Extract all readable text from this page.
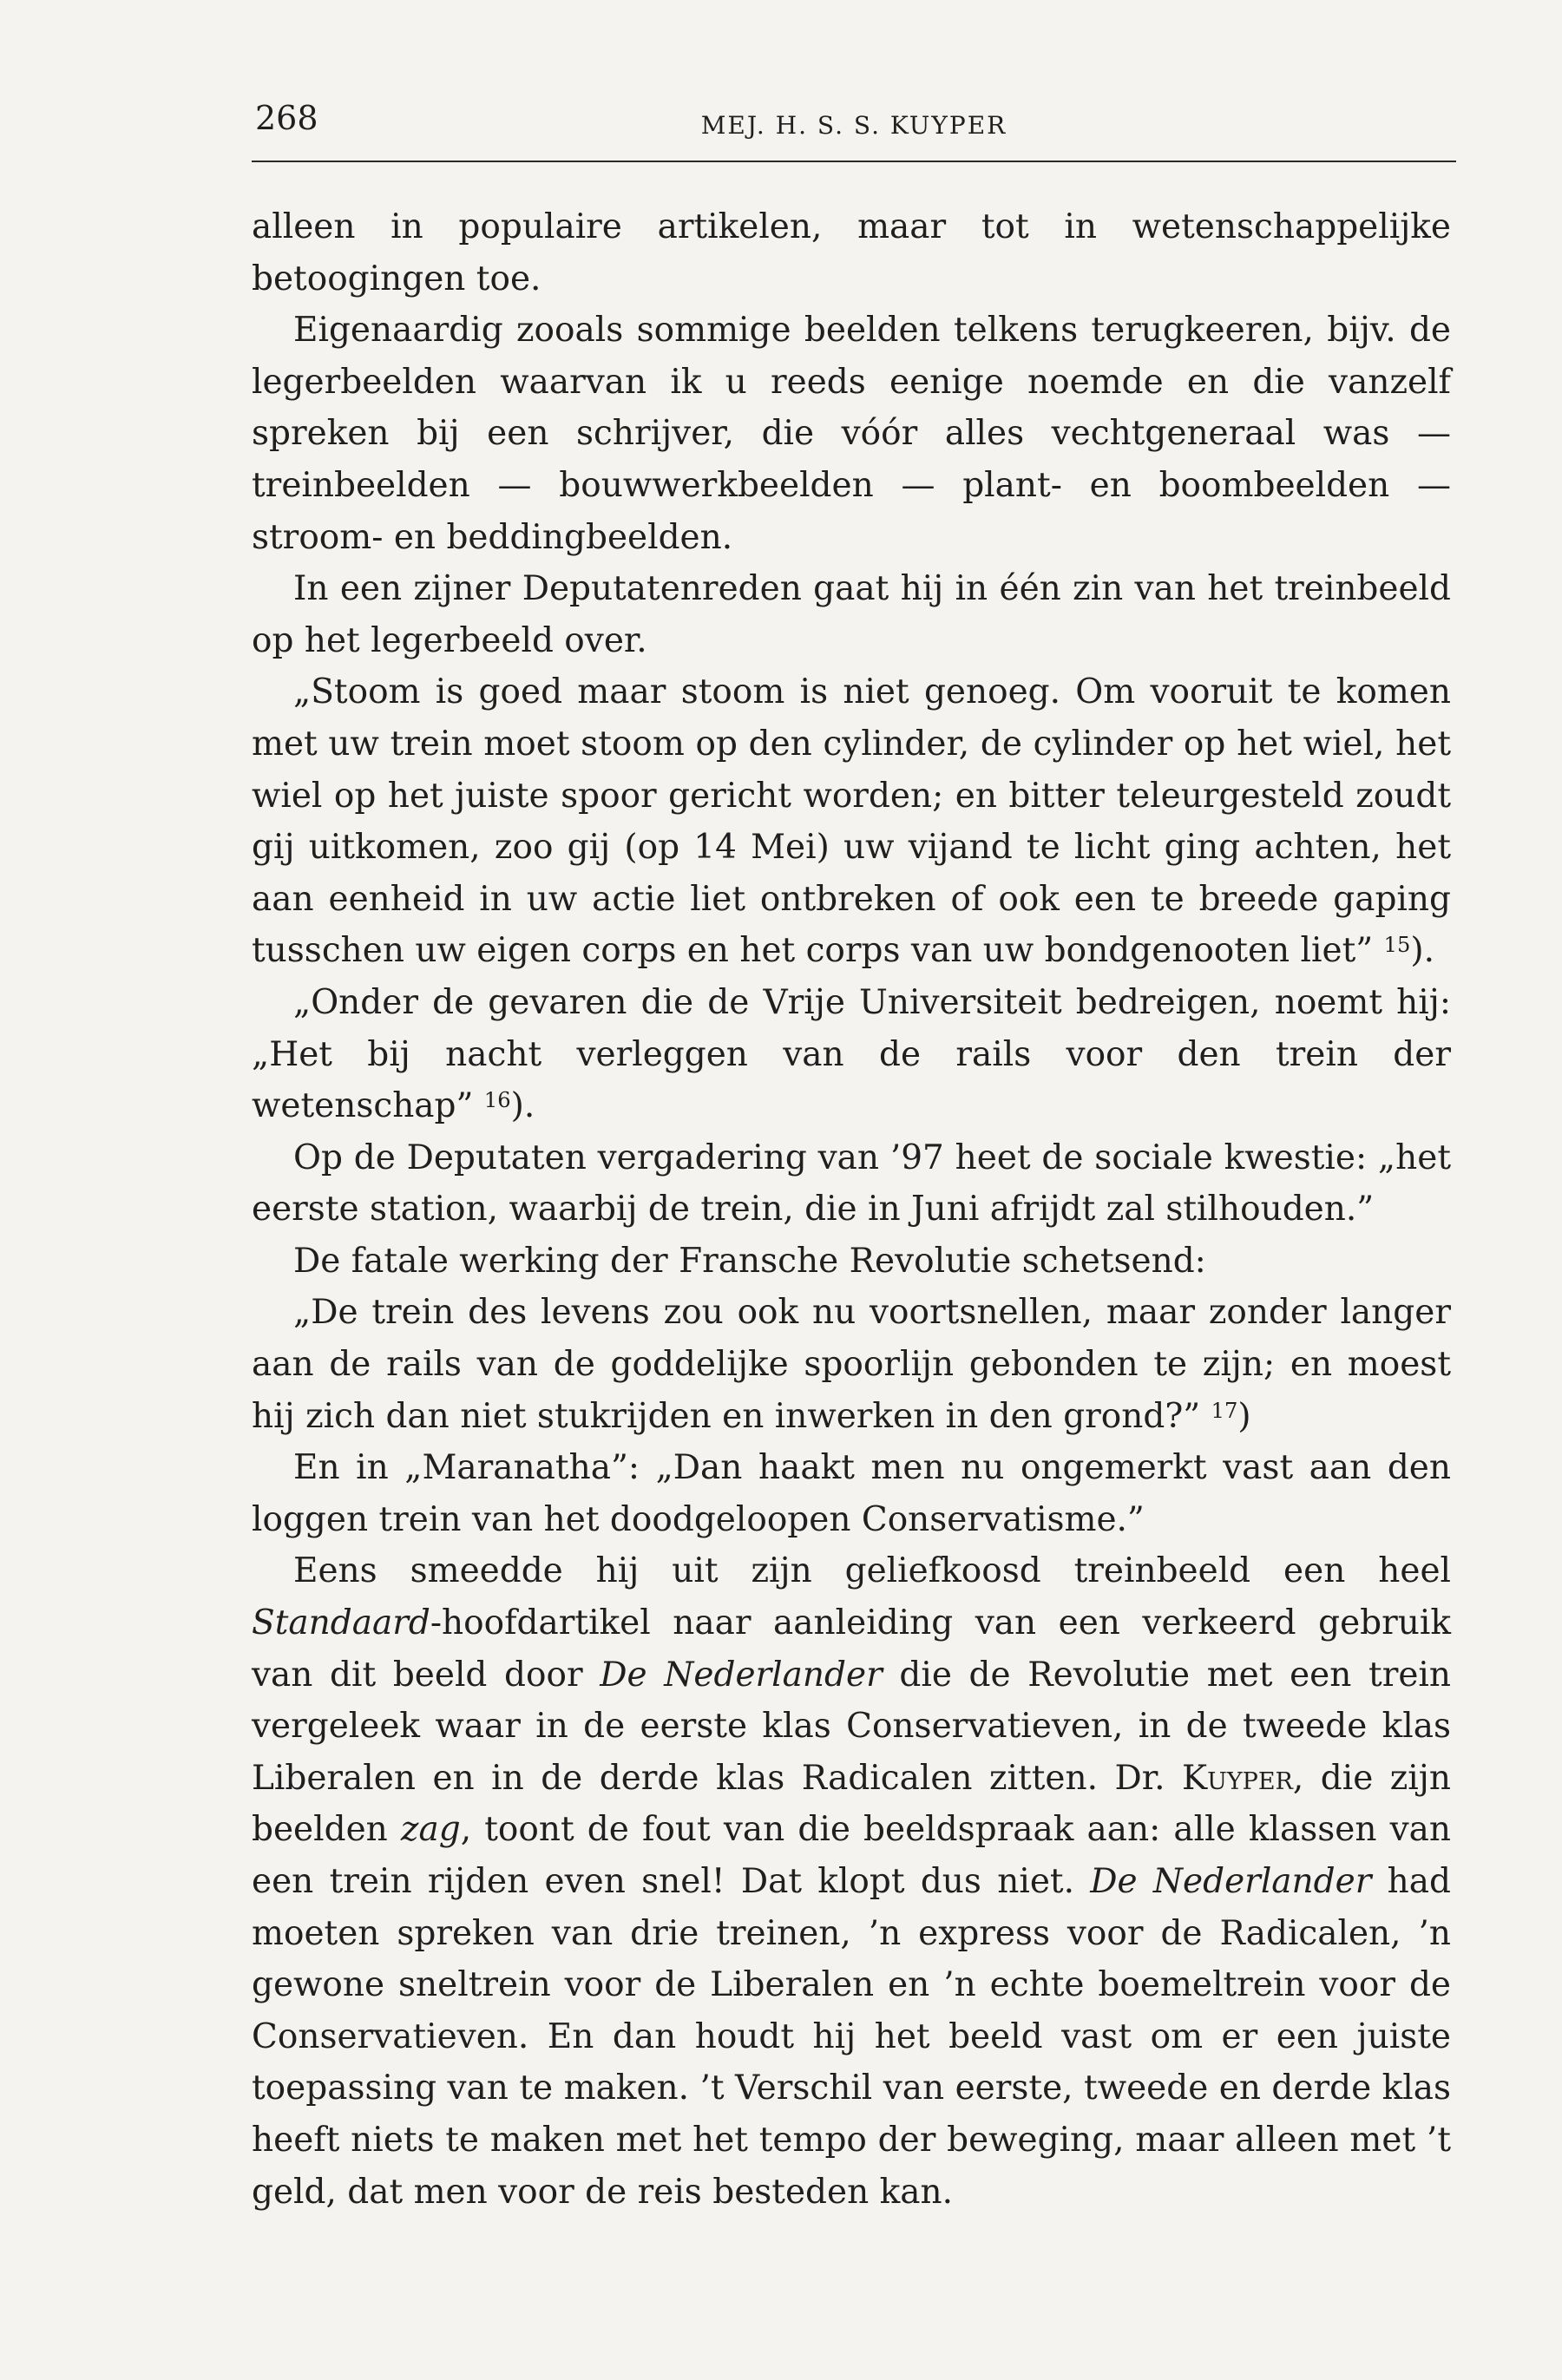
268	MEJ. H. S. S. KUYPER

alleen in populaire artikelen, maar tot in wetenschappelijke betoogingen toe.

Eigenaardig zooals sommige beelden telkens terugkeeren, bijv. de legerbeelden waarvan ik u reeds eenige noemde en die vanzelf spreken bij een schrijver, die vóór alles vechtgeneraal was — treinbeelden — bouwwerkbeelden — plant- en boombeelden — stroom- en beddingbeelden.

In een zijner Deputatenreden gaat hij in één zin van het treinbeeld op het legerbeeld over.

„Stoom is goed maar stoom is niet genoeg. Om vooruit te komen met uw trein moet stoom op den cylinder, de cylinder op het wiel, het wiel op het juiste spoor gericht worden; en bitter teleurgesteld zoudt gij uitkomen, zoo gij (op 14 Mei) uw vijand te licht ging achten, het aan eenheid in uw actie liet ontbreken of ook een te breede gaping tusschen uw eigen corps en het corps van uw bondgenooten liet” $^{15}$).

„Onder de gevaren die de Vrije Universiteit bedreigen, noemt hij: „Het bij nacht verleggen van de rails voor den trein der wetenschap” $^{16}$).

Op de Deputaten vergadering van ’97 heet de sociale kwestie: „het eerste station, waarbij de trein, die in Juni afrijdt zal stilhouden.”

De fatale werking der Fransche Revolutie schetsend:

„De trein des levens zou ook nu voortsnellen, maar zonder langer aan de rails van de goddelijke spoorlijn gebonden te zijn; en moest hij zich dan niet stukrijden en inwerken in den grond?” $^{17}$)

En in „Maranatha”: „Dan haakt men nu ongemerkt vast aan den loggen trein van het doodgeloopen Conservatisme.”

Eens smeedde hij uit zijn geliefkoosd treinbeeld een heel Standaard-hoofdartikel naar aanleiding van een verkeerd gebruik van dit beeld door De Nederlander die de Revolutie met een trein vergeleek waar in de eerste klas Conservatieven, in de tweede klas Liberalen en in de derde klas Radicalen zitten. Dr. Kuyper, die zijn beelden zag, toont de fout van die beeldspraak aan: alle klassen van een trein rijden even snel! Dat klopt dus niet. De Nederlander had moeten spreken van drie treinen, ’n express voor de Radicalen, ’n gewone sneltrein voor de Liberalen en ’n echte boemeltrein voor de Conservatieven. En dan houdt hij het beeld vast om er een juiste toepassing van te maken. ’t Verschil van eerste, tweede en derde klas heeft niets te maken met het tempo der beweging, maar alleen met ’t geld, dat men voor de reis besteden kan.
